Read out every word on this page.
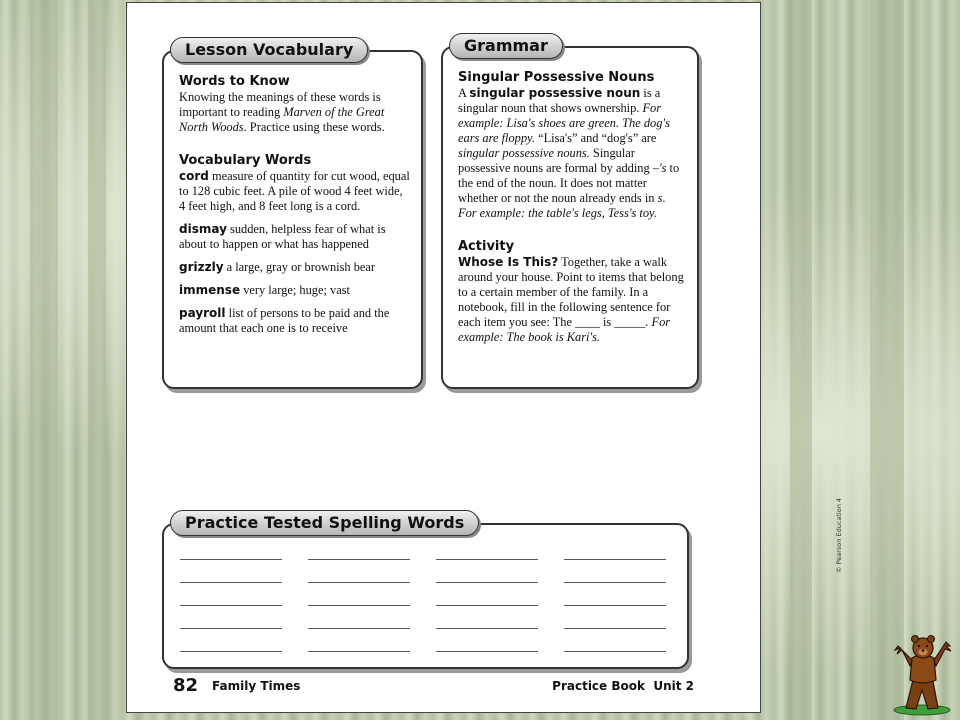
Lesson Vocabulary
Words to Know
Knowing the meanings of these words is important to reading Marven of the Great North Woods. Practice using these words.
Vocabulary Words
cord measure of quantity for cut wood, equal to 128 cubic feet. A pile of wood 4 feet wide, 4 feet high, and 8 feet long is a cord.
dismay sudden, helpless fear of what is about to happen or what has happened
grizzly a large, gray or brownish bear
immense very large; huge; vast
payroll list of persons to be paid and the amount that each one is to receive
Grammar
Singular Possessive Nouns
A singular possessive noun is a singular noun that shows ownership. For example: Lisa's shoes are green. The dog's ears are floppy. “Lisa's” and “dog's” are singular possessive nouns. Singular possessive nouns are formal by adding –'s to the end of the noun. It does not matter whether or not the noun already ends in s. For example: the table's legs, Tess's toy.
Activity
Whose Is This? Together, take a walk around your house. Point to items that belong to a certain member of the family. In a notebook, fill in the following sentence for each item you see: The ____ is _____. For example: The book is Kari's.
Practice Tested Spelling Words	© Pearson Education 4
82 Family Times	Practice Book  Unit 2
